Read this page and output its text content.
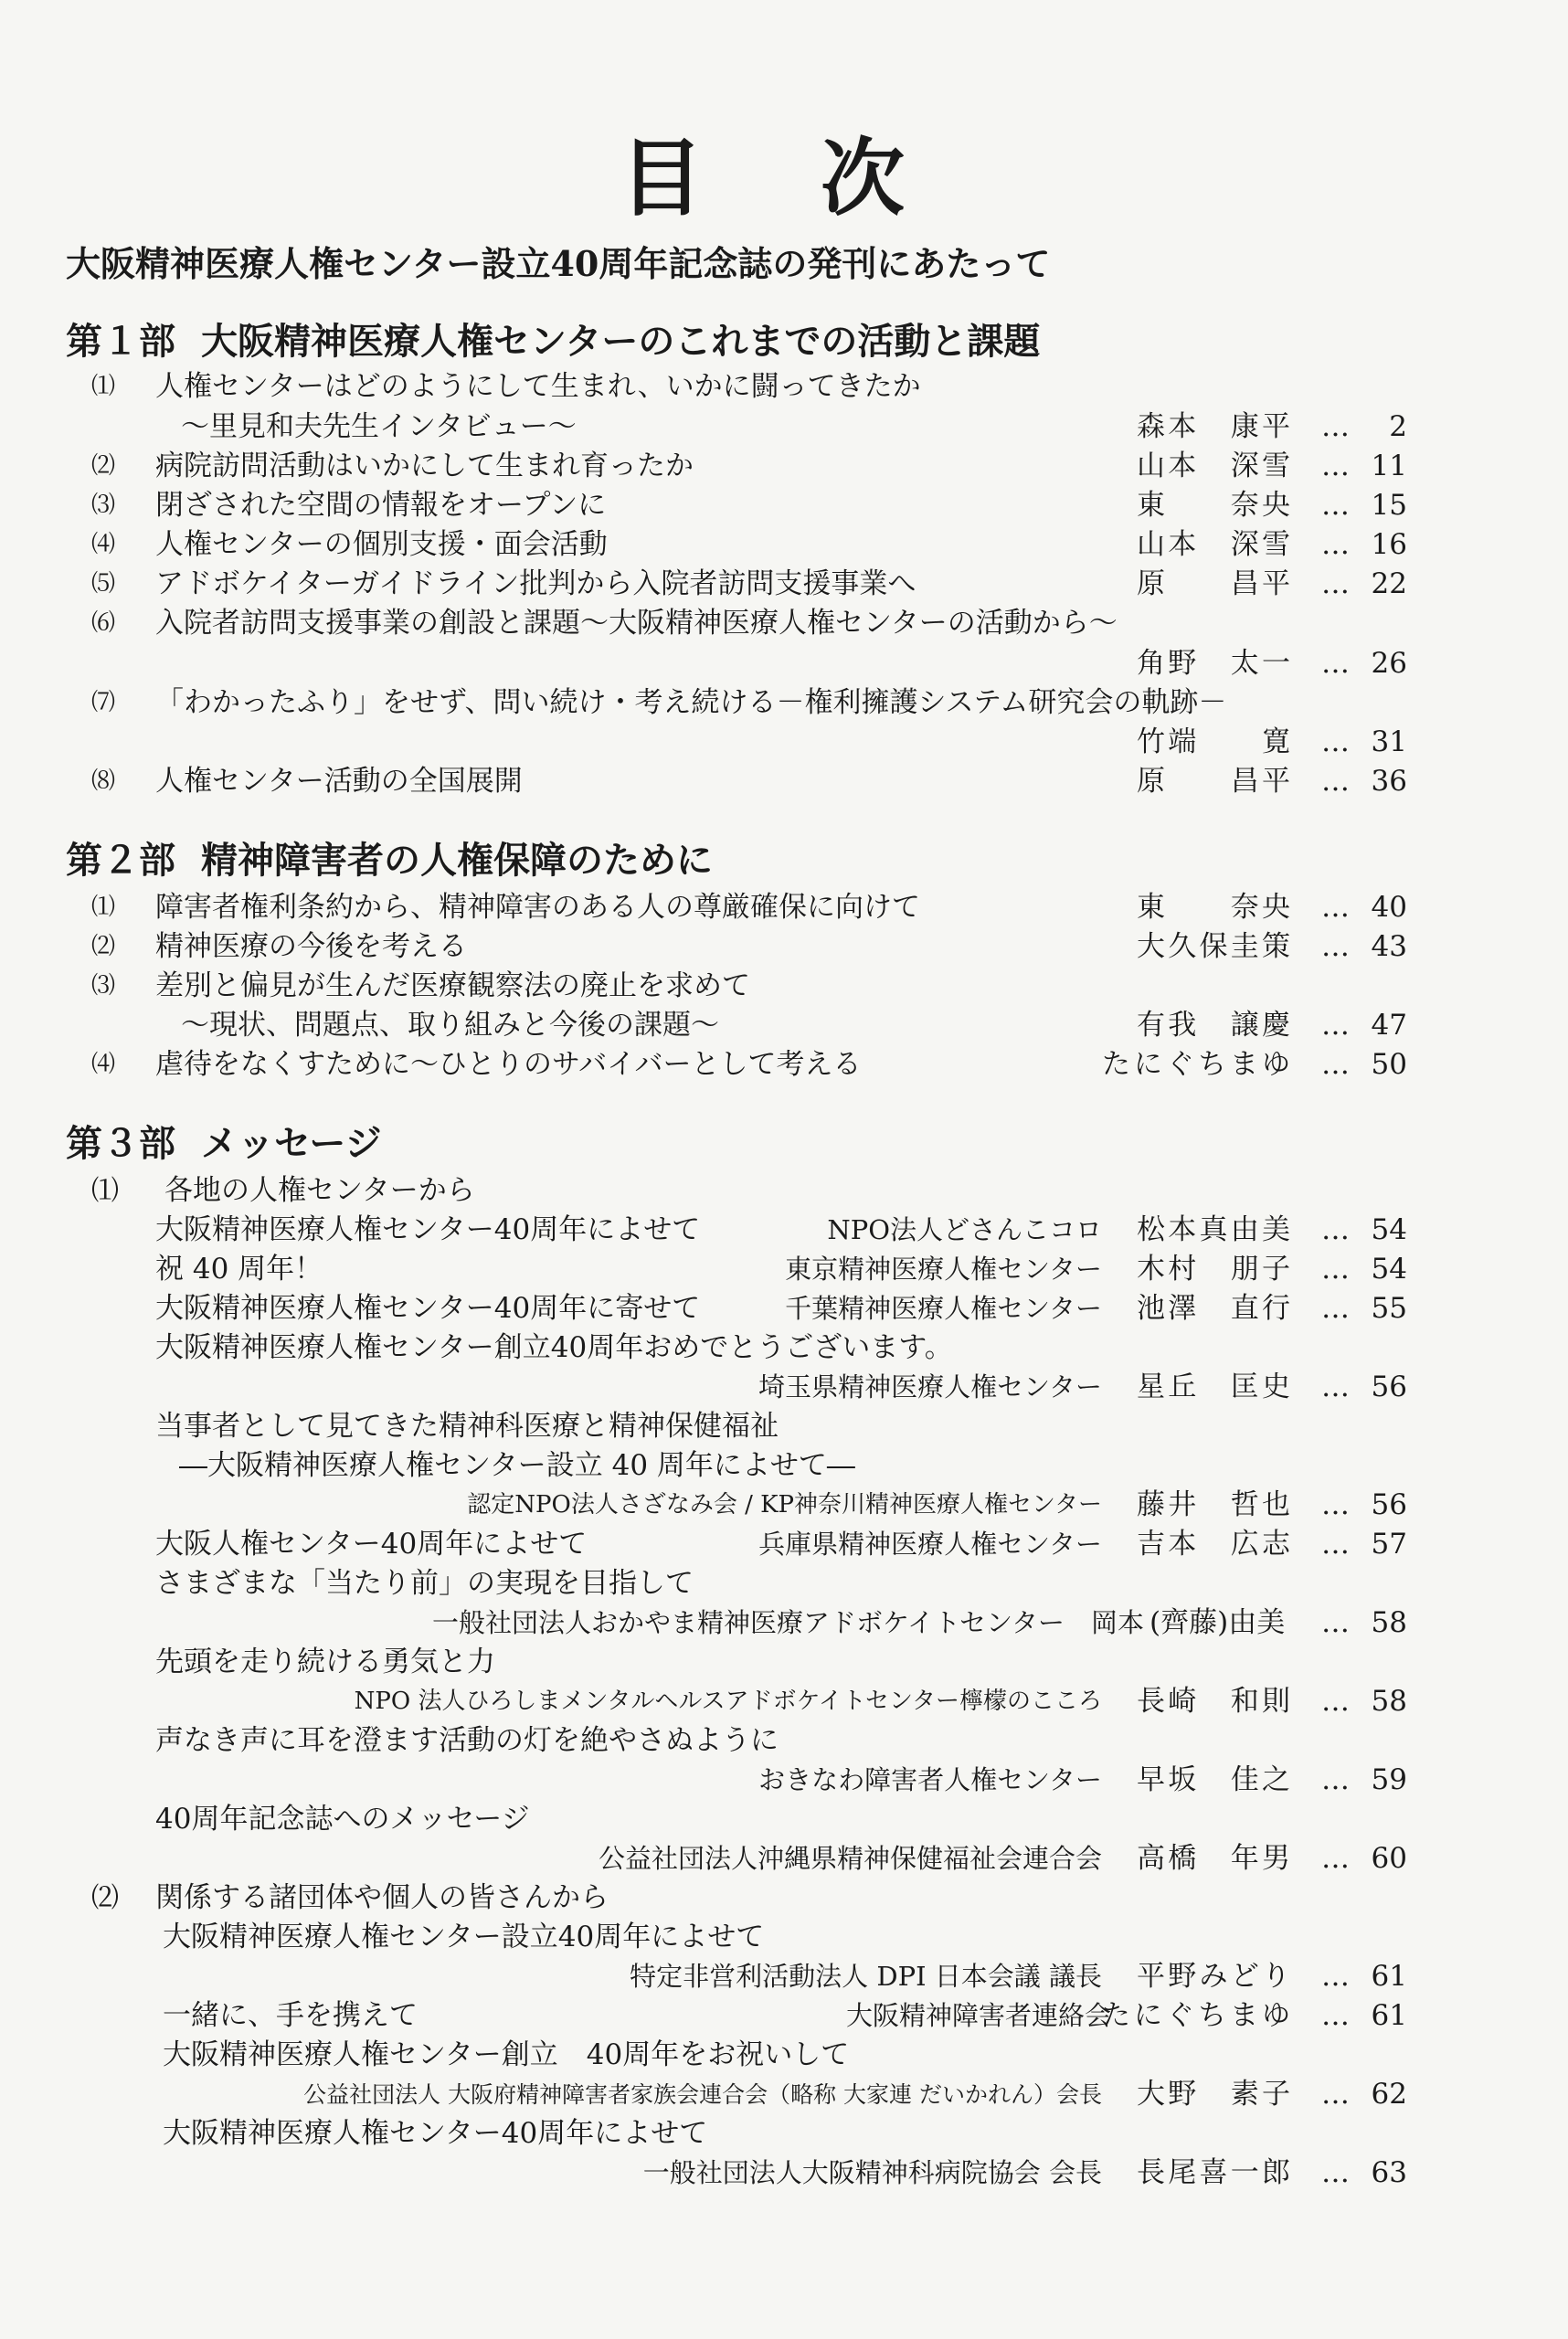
目 次
大阪精神医療人権センター設立40周年記念誌の発刊にあたって
第１部 大阪精神医療人権センターのこれまでの活動と課題
⑴	人権センターはどのようにして生まれ、いかに闘ってきたか
～里見和夫先生インタビュー～	森本　康平 … 2
⑵	病院訪問活動はいかにして生まれ育ったか	山本　深雪 … 11
⑶	閉ざされた空間の情報をオープンに	東　　奈央 … 15
⑷	人権センターの個別支援・面会活動	山本　深雪 … 16
⑸	アドボケイターガイドライン批判から入院者訪問支援事業へ	原　　昌平 … 22
⑹	入院者訪問支援事業の創設と課題～大阪精神医療人権センターの活動から～
角野　太一 … 26
⑺	「わかったふり」をせず、問い続け・考え続ける－権利擁護システム研究会の軌跡－
竹端　　寛 … 31
⑻	人権センター活動の全国展開	原　　昌平 … 36
第２部 精神障害者の人権保障のために
⑴	障害者権利条約から、精神障害のある人の尊厳確保に向けて	東　　奈央 … 40
⑵	精神医療の今後を考える	大久保圭策 … 43
⑶	差別と偏見が生んだ医療観察法の廃止を求めて
～現状、問題点、取り組みと今後の課題～	有我　譲慶 … 47
⑷	虐待をなくすために～ひとりのサバイバーとして考える	たにぐちまゆ … 50
第３部 メッセージ
⑴	各地の人権センターから
大阪精神医療人権センター40周年によせて	NPO法人どさんこコロ 松本真由美 … 54
祝 40 周年！	東京精神医療人権センター 木村　朋子 … 54
大阪精神医療人権センター40周年に寄せて	千葉精神医療人権センター 池澤　直行 … 55
大阪精神医療人権センター創立40周年おめでとうございます。
埼玉県精神医療人権センター 星丘　匡史 … 56
当事者として見てきた精神科医療と精神保健福祉
―大阪精神医療人権センター設立 40 周年によせて―
認定NPO法人さざなみ会 / KP神奈川精神医療人権センター 藤井　哲也 … 56
大阪人権センター40周年によせて	兵庫県精神医療人権センター 吉本　広志 … 57
さまざまな「当たり前」の実現を目指して
一般社団法人おかやま精神医療アドボケイトセンター　岡本 (齊藤)由美 … 58
先頭を走り続ける勇気と力
NPO 法人ひろしまメンタルヘルスアドボケイトセンター檸檬のこころ 長崎　和則 … 58
声なき声に耳を澄ます活動の灯を絶やさぬように
おきなわ障害者人権センター 早坂　佳之 … 59
40周年記念誌へのメッセージ
公益社団法人沖縄県精神保健福祉会連合会 高橋　年男 … 60
⑵	関係する諸団体や個人の皆さんから
大阪精神医療人権センター設立40周年によせて
特定非営利活動法人 DPI 日本会議 議長 平野みどり … 61
一緒に、手を携えて	大阪精神障害者連絡会
たにぐちまゆ … 61
大阪精神医療人権センター創立　40周年をお祝いして
公益社団法人 大阪府精神障害者家族会連合会（略称 大家連 だいかれん）会長 大野　素子 … 62
大阪精神医療人権センター40周年によせて
一般社団法人大阪精神科病院協会 会長 長尾喜一郎 … 63
